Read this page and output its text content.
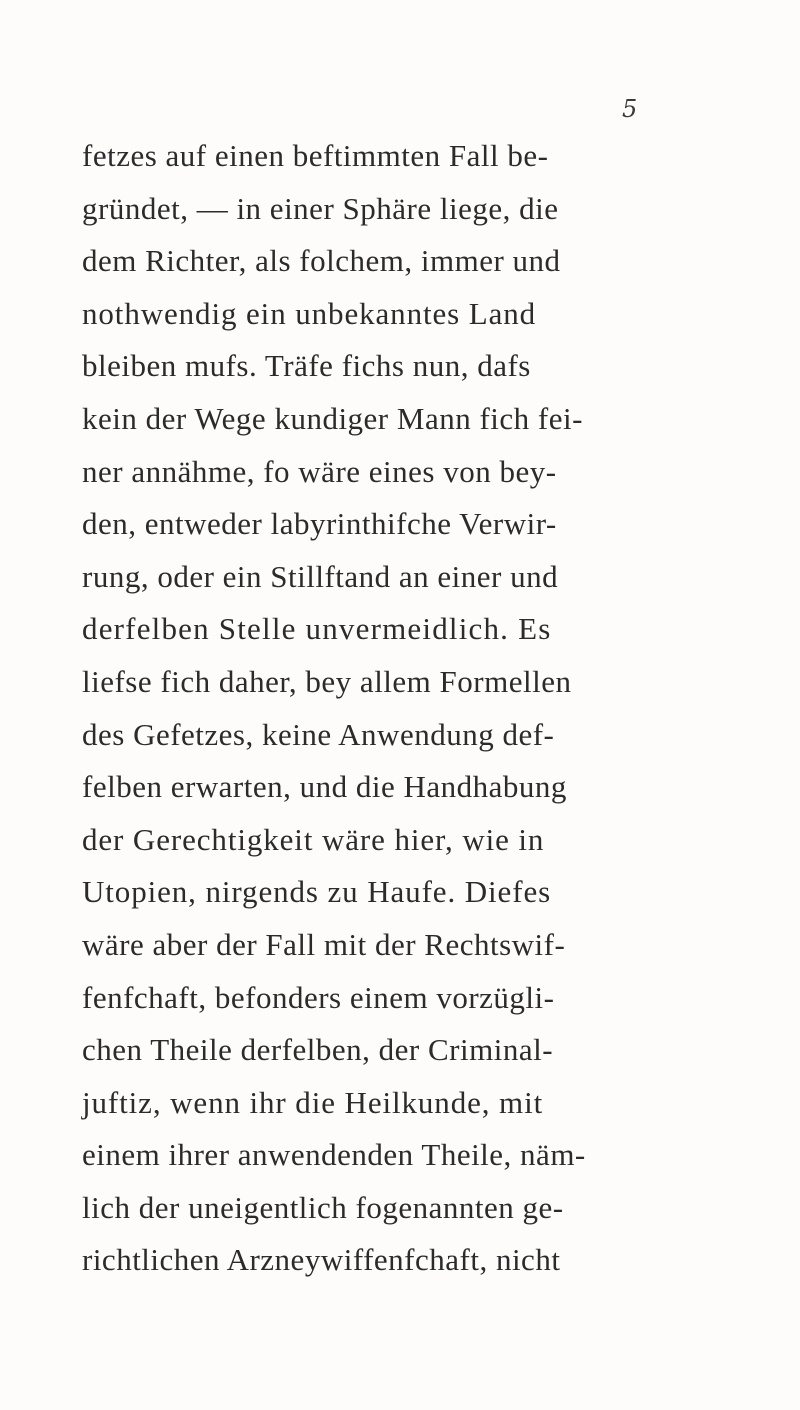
5
fetzes auf einen beftimmten Fall be-
gründet, — in einer Sphäre liege, die
dem Richter, als folchem, immer und
nothwendig ein unbekanntes Land
bleiben mufs. Träfe fichs nun, dafs
kein der Wege kundiger Mann fich fei-
ner annähme, fo wäre eines von bey-
den, entweder labyrinthifche Verwir-
rung, oder ein Stillftand an einer und
derfelben Stelle unvermeidlich. Es
liefse fich daher, bey allem Formellen
des Gefetzes, keine Anwendung def-
felben erwarten, und die Handhabung
der Gerechtigkeit wäre hier, wie in
Utopien, nirgends zu Haufe. Diefes
wäre aber der Fall mit der Rechtswif-
fenfchaft, befonders einem vorzügli-
chen Theile derfelben, der Criminal-
juftiz, wenn ihr die Heilkunde, mit
einem ihrer anwendenden Theile, näm-
lich der uneigentlich fogenannten ge-
richtlichen Arzneywiffenfchaft, nicht
